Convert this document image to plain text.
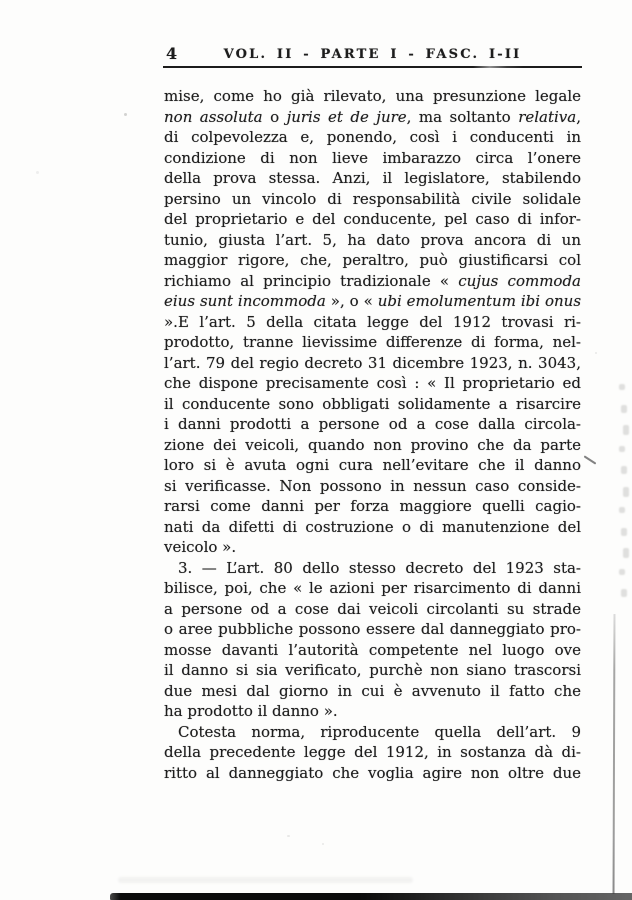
4	VOL. II - PARTE I - FASC. I-II
mise, come ho già rilevato, una presunzione legale
non assoluta o juris et de jure, ma soltanto relativa,
di colpevolezza e, ponendo, così i conducenti in
condizione di non lieve imbarazzo circa l’onere
della prova stessa. Anzi, il legislatore, stabilendo
persino un vincolo di responsabilità civile solidale
del proprietario e del conducente, pel caso di infor-
tunio, giusta l’art. 5, ha dato prova ancora di un
maggior rigore, che, peraltro, può giustificarsi col
richiamo al principio tradizionale « cujus commoda
eius sunt incommoda », o « ubi emolumentum ibi onus ». E l’art. 5 della citata legge del 1912 trovasi ri-
prodotto, tranne lievissime differenze di forma, nel-
l’art. 79 del regio decreto 31 dicembre 1923, n. 3043,
che dispone precisamente così : « Il proprietario ed
il conducente sono obbligati solidamente a risarcire
i danni prodotti a persone od a cose dalla circola-
zione dei veicoli, quando non provino che da parte
loro si è avuta ogni cura nell’evitare che il danno
si verificasse. Non possono in nessun caso conside-
rarsi come danni per forza maggiore quelli cagio-
nati da difetti di costruzione o di manutenzione del
veicolo ».
3. — L’art. 80 dello stesso decreto del 1923 sta-
bilisce, poi, che « le azioni per risarcimento di danni
a persone od a cose dai veicoli circolanti su strade
o aree pubbliche possono essere dal danneggiato pro-
mosse davanti l’autorità competente nel luogo ove
il danno si sia verificato, purchè non siano trascorsi
due mesi dal giorno in cui è avvenuto il fatto che
ha prodotto il danno ».
Cotesta norma, riproducente quella dell’art. 9
della precedente legge del 1912, in sostanza dà di-
ritto al danneggiato che voglia agire non oltre due
